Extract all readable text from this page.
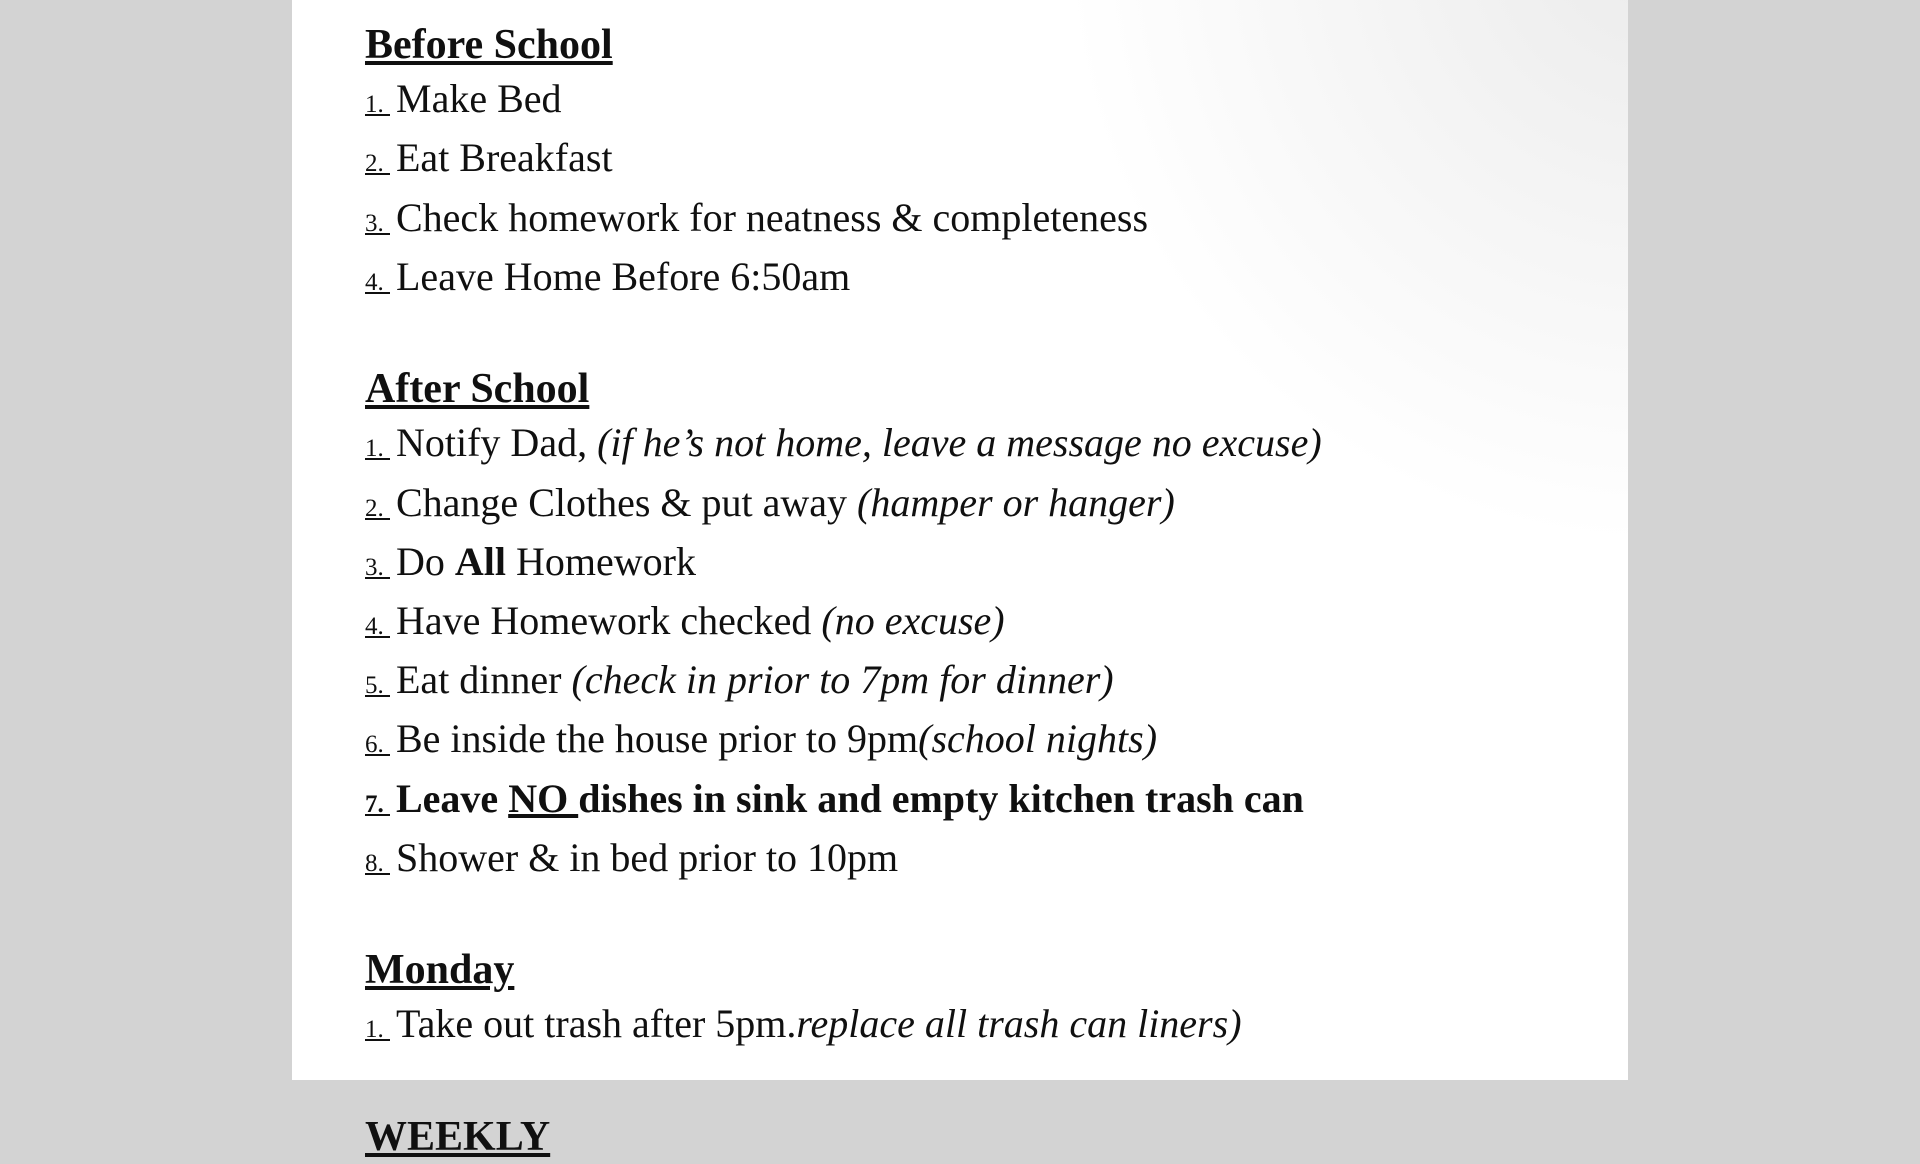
Before School
1. Make Bed
2. Eat Breakfast
3. Check homework for neatness & completeness
4. Leave Home Before 6:50am
After School
1. Notify Dad, (if he’s not home, leave a message no excuse)
2. Change Clothes & put away (hamper or hanger)
3. Do All Homework
4. Have Homework checked (no excuse)
5. Eat dinner (check in prior to 7pm for dinner)
6. Be inside the house prior to 9pm(school nights)
7. Leave NO dishes in sink and empty kitchen trash can
8. Shower & in bed prior to 10pm
Monday
1. Take out trash after 5pm.replace all trash can liners)
WEEKLY
